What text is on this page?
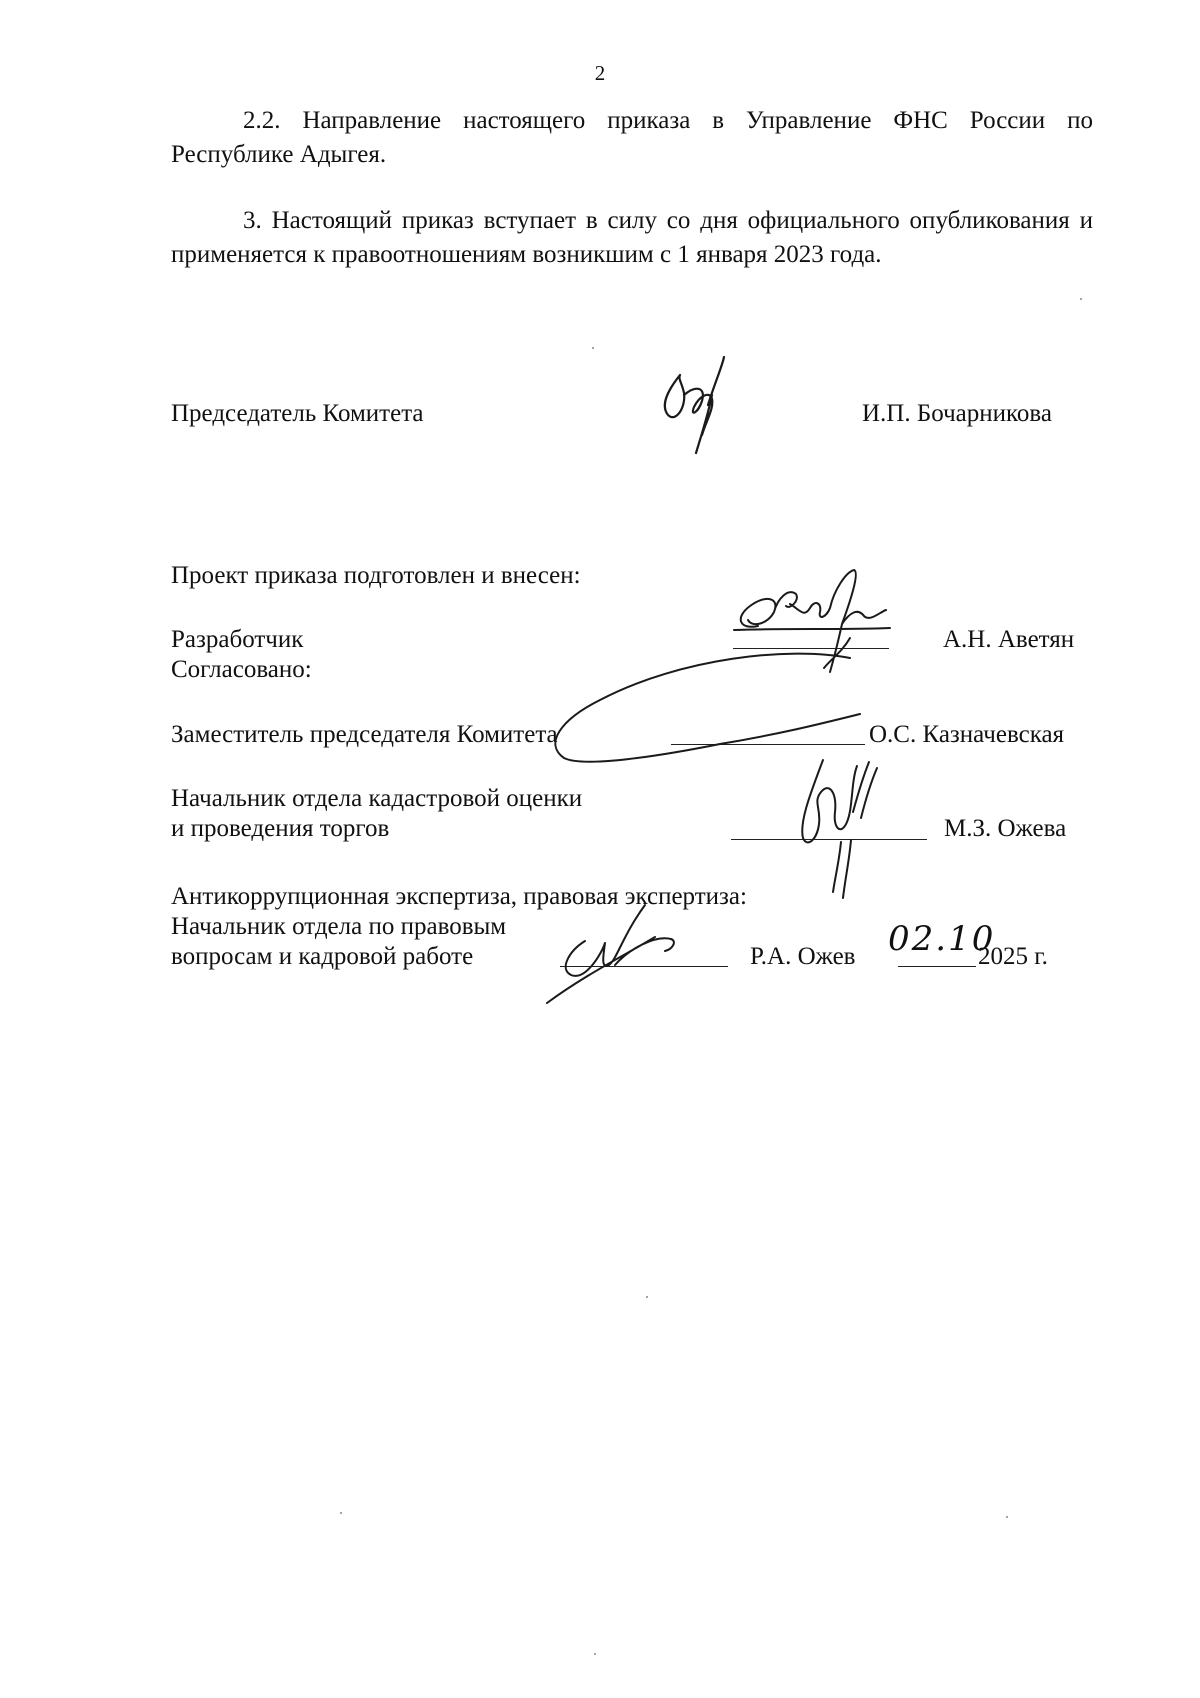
2

2.2. Направление настоящего приказа в Управление ФНС России по Республике Адыгея.

3. Настоящий приказ вступает в силу со дня официального опубликования и применяется к правоотношениям возникшим с 1 января 2023 года.

Председатель Комитета	И.П. Бочарникова
Проект приказа подготовлен и внесен:
Разработчик	А.Н. Аветян
Согласовано:
Заместитель председателя Комитета	О.С. Казначевская
Начальник отдела кадастровой оценки
и проведения торгов	М.З. Ожева
Антикоррупционная экспертиза, правовая экспертиза:
Начальник отдела по правовым
вопросам и кадровой работе	Р.А. Ожев 02.10
2025 г.
